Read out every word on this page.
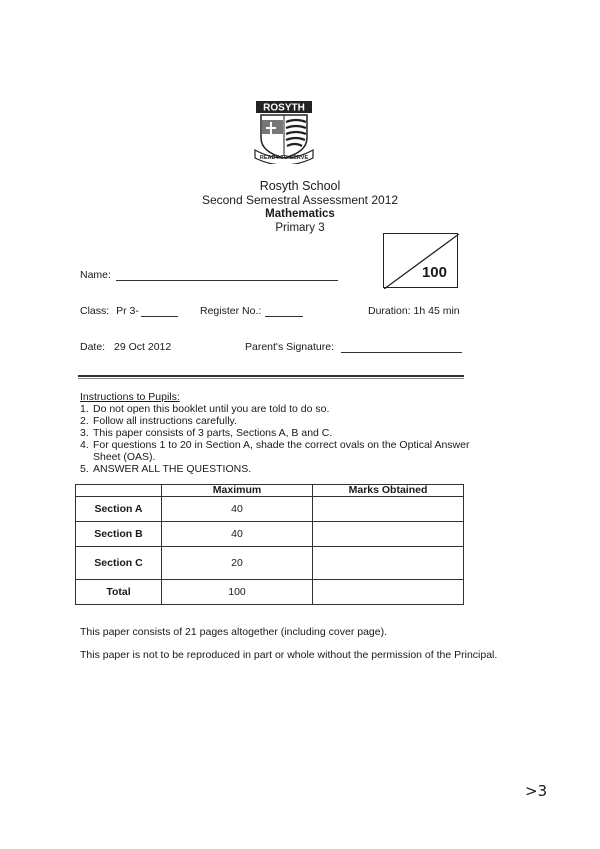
ROSYTH
READY TO SERVE
Rosyth School
Second Semestral Assessment 2012
Mathematics
Primary 3
100
Name:
Class: Pr 3-	Register No.:	Duration: 1h 45 min
Date: 29 Oct 2012	Parent's Signature:
Instructions to Pupils:
1. Do not open this booklet until you are told to do so.
2. Follow all instructions carefully.
3. This paper consists of 3 parts, Sections A, B and C.
4. For questions 1 to 20 in Section A, shade the correct ovals on the Optical Answer
Sheet (OAS).
5. ANSWER ALL THE QUESTIONS.
	Maximum	Marks Obtained
Section A	40	
Section B	40	
Section C	20	
Total	100	
This paper consists of 21 pages altogether (including cover page).
This paper is not to be reproduced in part or whole without the permission of the Principal.
>3
